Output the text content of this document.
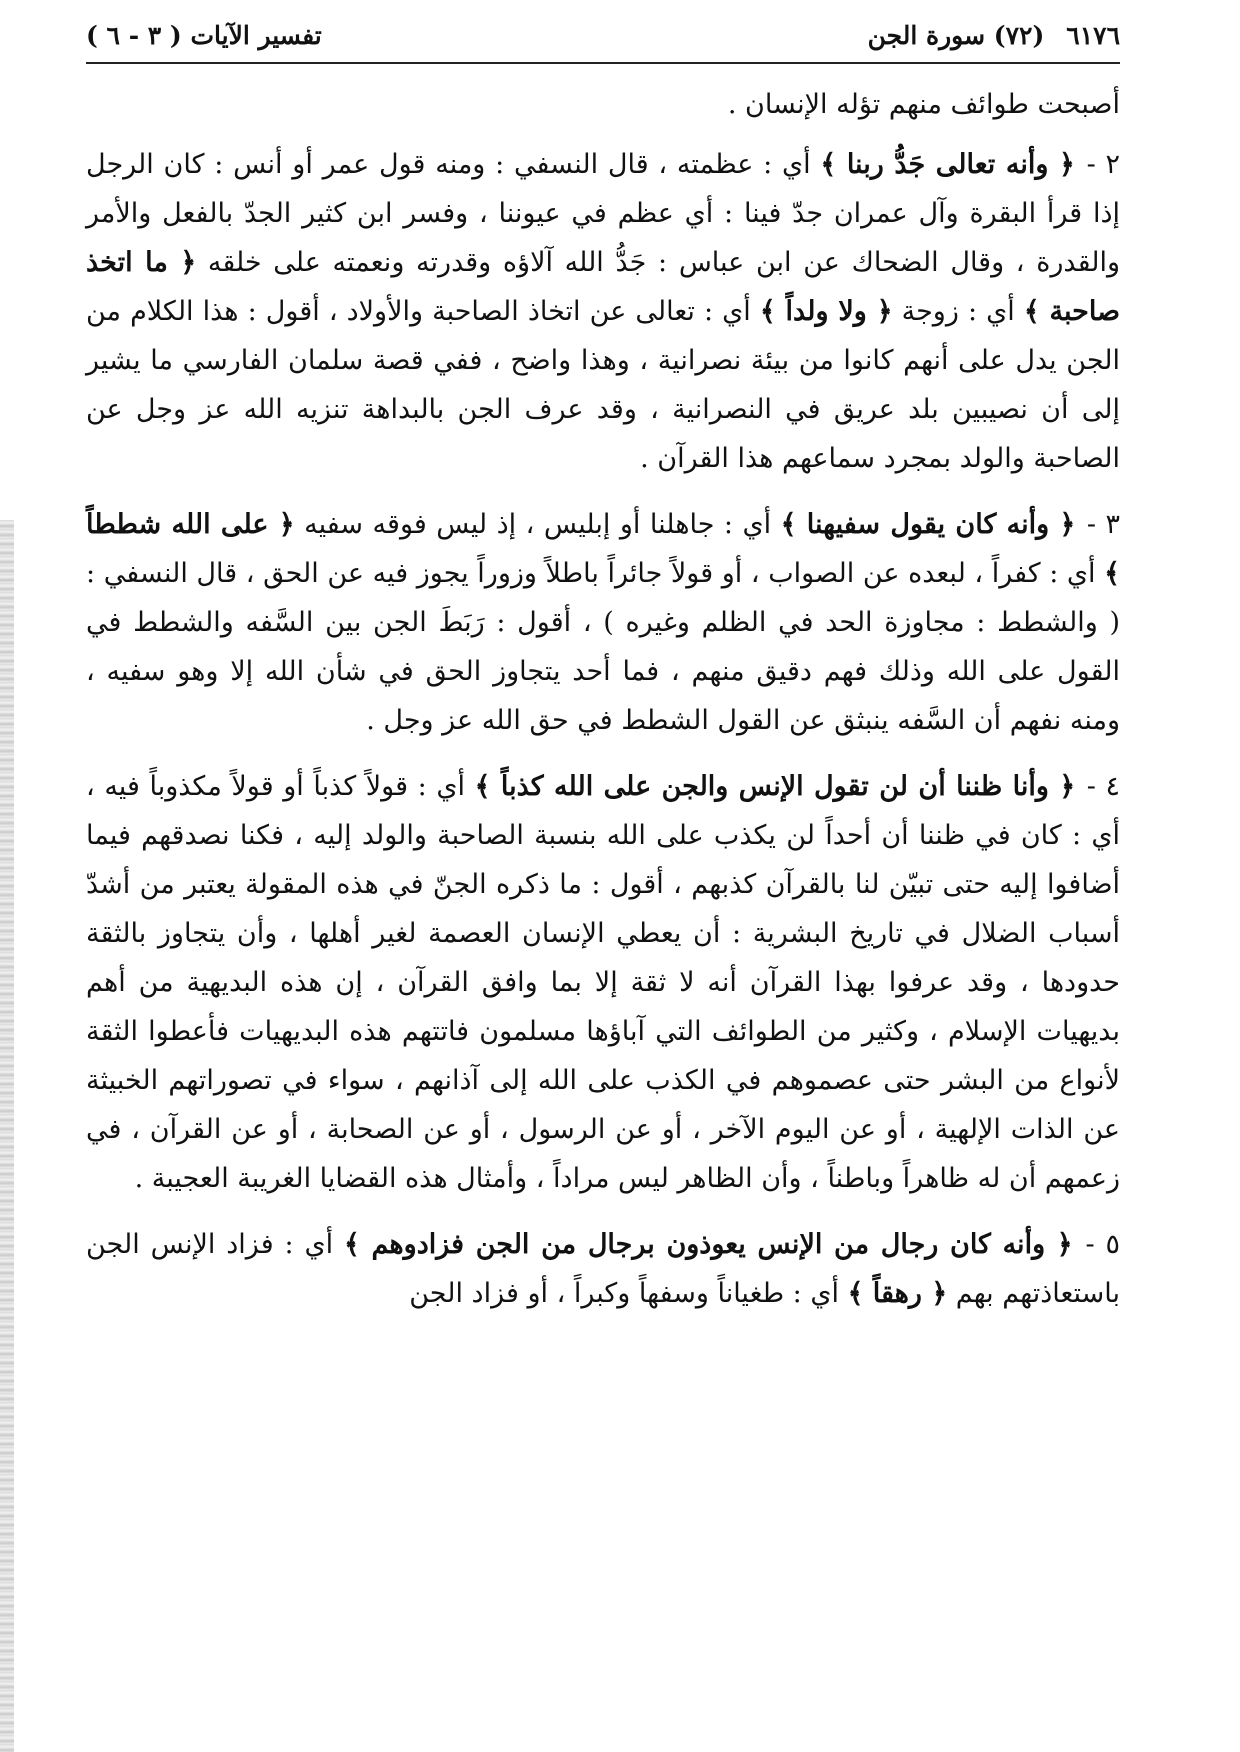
٦١٧٦
(٧٢) سورة الجن
تفسير الآيات ( ٣ - ٦ )

أصبحت طوائف منهم تؤله الإنسان .

٢ - ﴿ وأنه تعالى جَدُّ ربنا ﴾ أي : عظمته ، قال النسفي : ومنه قول عمر أو أنس : كان الرجل إذا قرأ البقرة وآل عمران جدّ فينا : أي عظم في عيوننا ، وفسر ابن كثير الجدّ بالفعل والأمر والقدرة ، وقال الضحاك عن ابن عباس : جَدُّ الله آلاؤه وقدرته ونعمته على خلقه ﴿ ما اتخذ صاحبة ﴾ أي : زوجة ﴿ ولا ولداً ﴾ أي : تعالى عن اتخاذ الصاحبة والأولاد ، أقول : هذا الكلام من الجن يدل على أنهم كانوا من بيئة نصرانية ، وهذا واضح ، ففي قصة سلمان الفارسي ما يشير إلى أن نصيبين بلد عريق في النصرانية ، وقد عرف الجن بالبداهة تنزيه الله عز وجل عن الصاحبة والولد بمجرد سماعهم هذا القرآن .

٣ - ﴿ وأنه كان يقول سفيهنا ﴾ أي : جاهلنا أو إبليس ، إذ ليس فوقه سفيه ﴿ على الله شططاً ﴾ أي : كفراً ، لبعده عن الصواب ، أو قولاً جائراً باطلاً وزوراً يجوز فيه عن الحق ، قال النسفي : ( والشطط : مجاوزة الحد في الظلم وغيره ) ، أقول : رَبَطَ الجن بين السَّفه والشطط في القول على الله وذلك فهم دقيق منهم ، فما أحد يتجاوز الحق في شأن الله إلا وهو سفيه ، ومنه نفهم أن السَّفه ينبثق عن القول الشطط في حق الله عز وجل .

٤ - ﴿ وأنا ظننا أن لن تقول الإنس والجن على الله كذباً ﴾ أي : قولاً كذباً أو قولاً مكذوباً فيه ، أي : كان في ظننا أن أحداً لن يكذب على الله بنسبة الصاحبة والولد إليه ، فكنا نصدقهم فيما أضافوا إليه حتى تبيّن لنا بالقرآن كذبهم ، أقول : ما ذكره الجنّ في هذه المقولة يعتبر من أشدّ أسباب الضلال في تاريخ البشرية : أن يعطي الإنسان العصمة لغير أهلها ، وأن يتجاوز بالثقة حدودها ، وقد عرفوا بهذا القرآن أنه لا ثقة إلا بما وافق القرآن ، إن هذه البديهية من أهم بديهيات الإسلام ، وكثير من الطوائف التي آباؤها مسلمون فاتتهم هذه البديهيات فأعطوا الثقة لأنواع من البشر حتى عصموهم في الكذب على الله إلى آذانهم ، سواء في تصوراتهم الخبيثة عن الذات الإلهية ، أو عن اليوم الآخر ، أو عن الرسول ، أو عن الصحابة ، أو عن القرآن ، في زعمهم أن له ظاهراً وباطناً ، وأن الظاهر ليس مراداً ، وأمثال هذه القضايا الغريبة العجيبة .

٥ - ﴿ وأنه كان رجال من الإنس يعوذون برجال من الجن فزادوهم ﴾ أي : فزاد الإنس الجن باستعاذتهم بهم ﴿ رهقاً ﴾ أي : طغياناً وسفهاً وكبراً ، أو فزاد الجن
